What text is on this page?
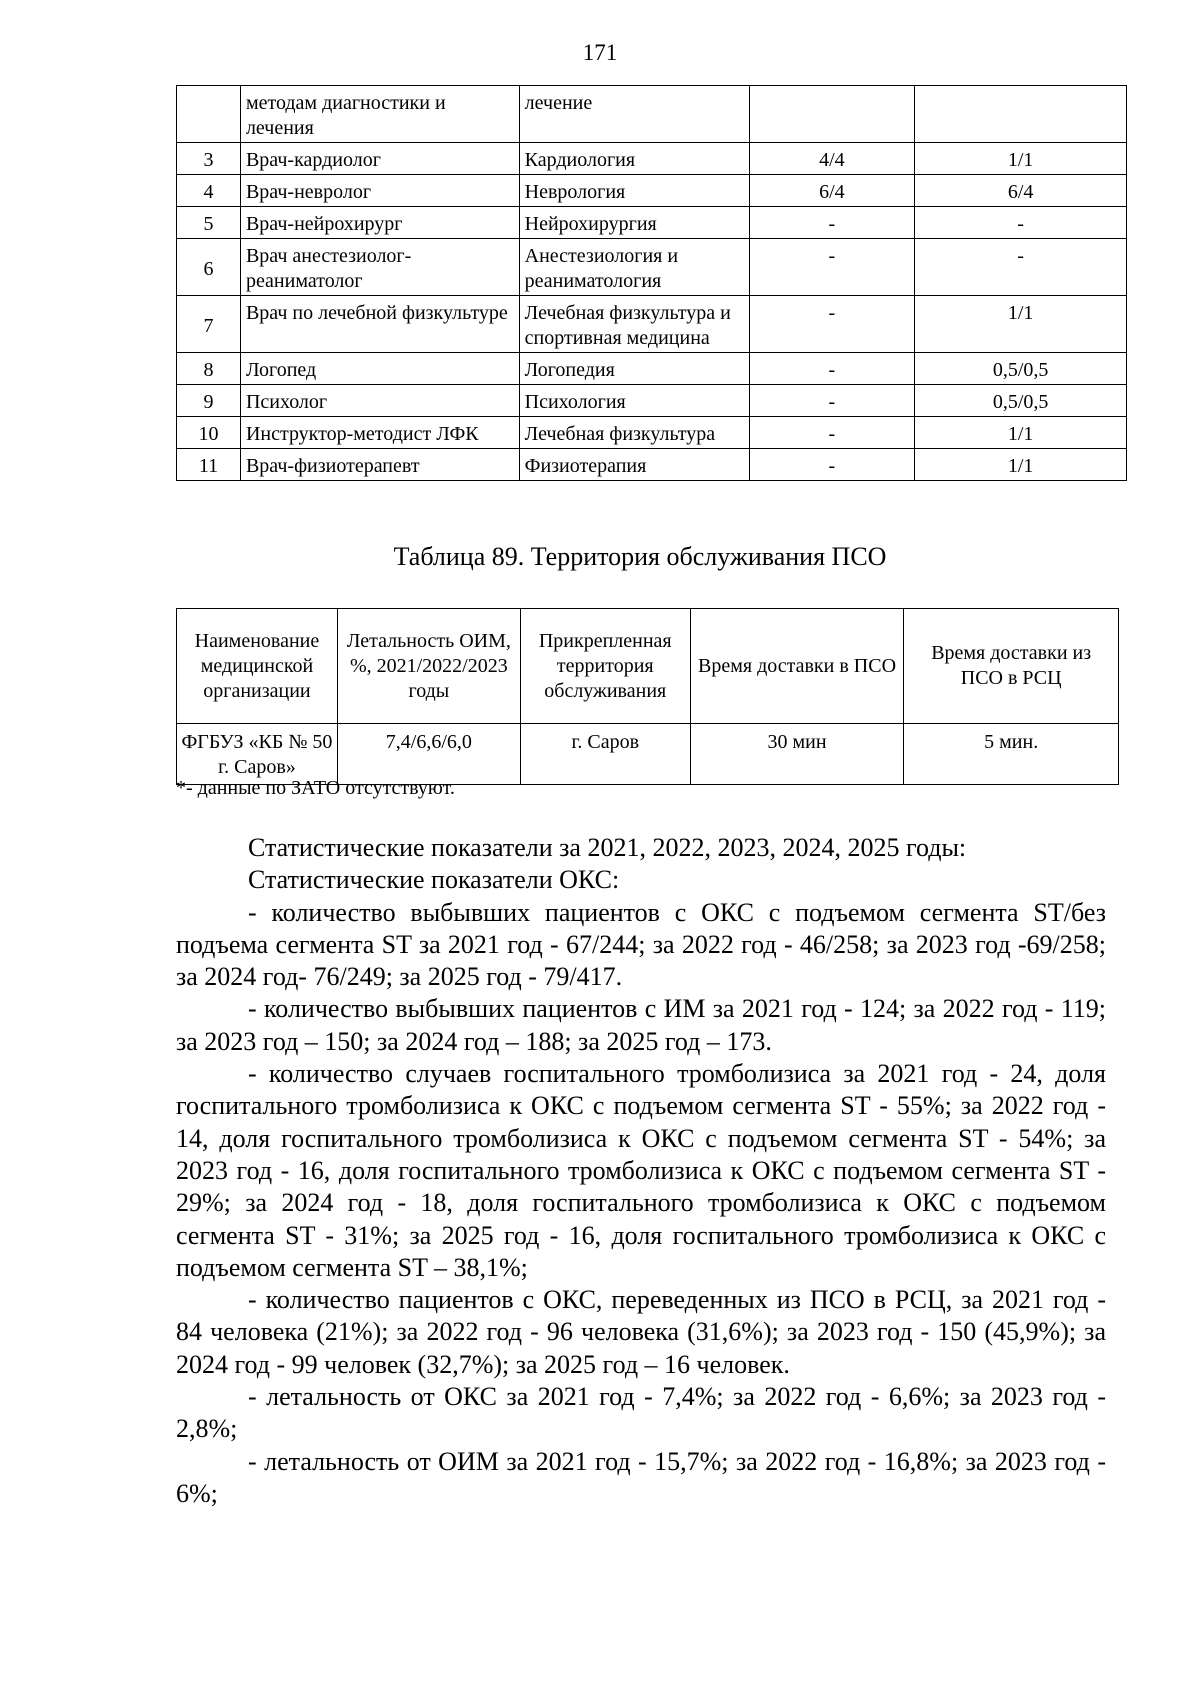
171
	методам диагностики и лечения	лечение		
3	Врач-кардиолог	Кардиология	4/4	1/1
4	Врач-невролог	Неврология	6/4	6/4
5	Врач-нейрохирург	Нейрохирургия	-	-
6	Врач анестезиолог-реаниматолог	Анестезиология и реаниматология	-	-
7	Врач по лечебной физкультуре	Лечебная физкультура и спортивная медицина	-	1/1
8	Логопед	Логопедия	-	0,5/0,5
9	Психолог	Психология	-	0,5/0,5
10	Инструктор-методист ЛФК	Лечебная физкультура	-	1/1
11	Врач-физиотерапевт	Физиотерапия	-	1/1
Таблица 89. Территория обслуживания ПСО
Наименование медицинской организации	Летальность ОИМ, %, 2021/2022/2023 годы	Прикрепленная территория обслуживания	Время доставки в ПСО	Время доставки из ПСО в РСЦ
ФГБУЗ «КБ № 50 г. Саров»	7,4/6,6/6,0	г. Саров	30 мин	5 мин.
*- данные по ЗАТО отсутствуют.

Статистические показатели за 2021, 2022, 2023, 2024, 2025 годы:

Статистические показатели ОКС:

- количество выбывших пациентов с ОКС с подъемом сегмента ST/без подъема сегмента ST за 2021 год - 67/244; за 2022 год - 46/258; за 2023 год -69/258; за 2024 год- 76/249; за 2025 год - 79/417.

- количество выбывших пациентов с ИМ за 2021 год - 124; за 2022 год - 119; за 2023 год – 150; за 2024 год – 188; за 2025 год – 173.

- количество случаев госпитального тромболизиса за 2021 год - 24, доля госпитального тромболизиса к ОКС с подъемом сегмента ST - 55%; за 2022 год - 14, доля госпитального тромболизиса к ОКС с подъемом сегмента ST - 54%; за 2023 год - 16, доля госпитального тромболизиса к ОКС с подъемом сегмента ST - 29%; за 2024 год - 18, доля госпитального тромболизиса к ОКС с подъемом сегмента ST - 31%; за 2025 год - 16, доля госпитального тромболизиса к ОКС с подъемом сегмента ST – 38,1%;

- количество пациентов с ОКС, переведенных из ПСО в РСЦ, за 2021 год - 84 человека (21%); за 2022 год - 96 человека (31,6%); за 2023 год - 150 (45,9%); за 2024 год - 99 человек (32,7%); за 2025 год – 16 человек.

- летальность от ОКС за 2021 год - 7,4%; за 2022 год - 6,6%; за 2023 год - 2,8%;

- летальность от ОИМ за 2021 год - 15,7%; за 2022 год - 16,8%; за 2023 год - 6%;
